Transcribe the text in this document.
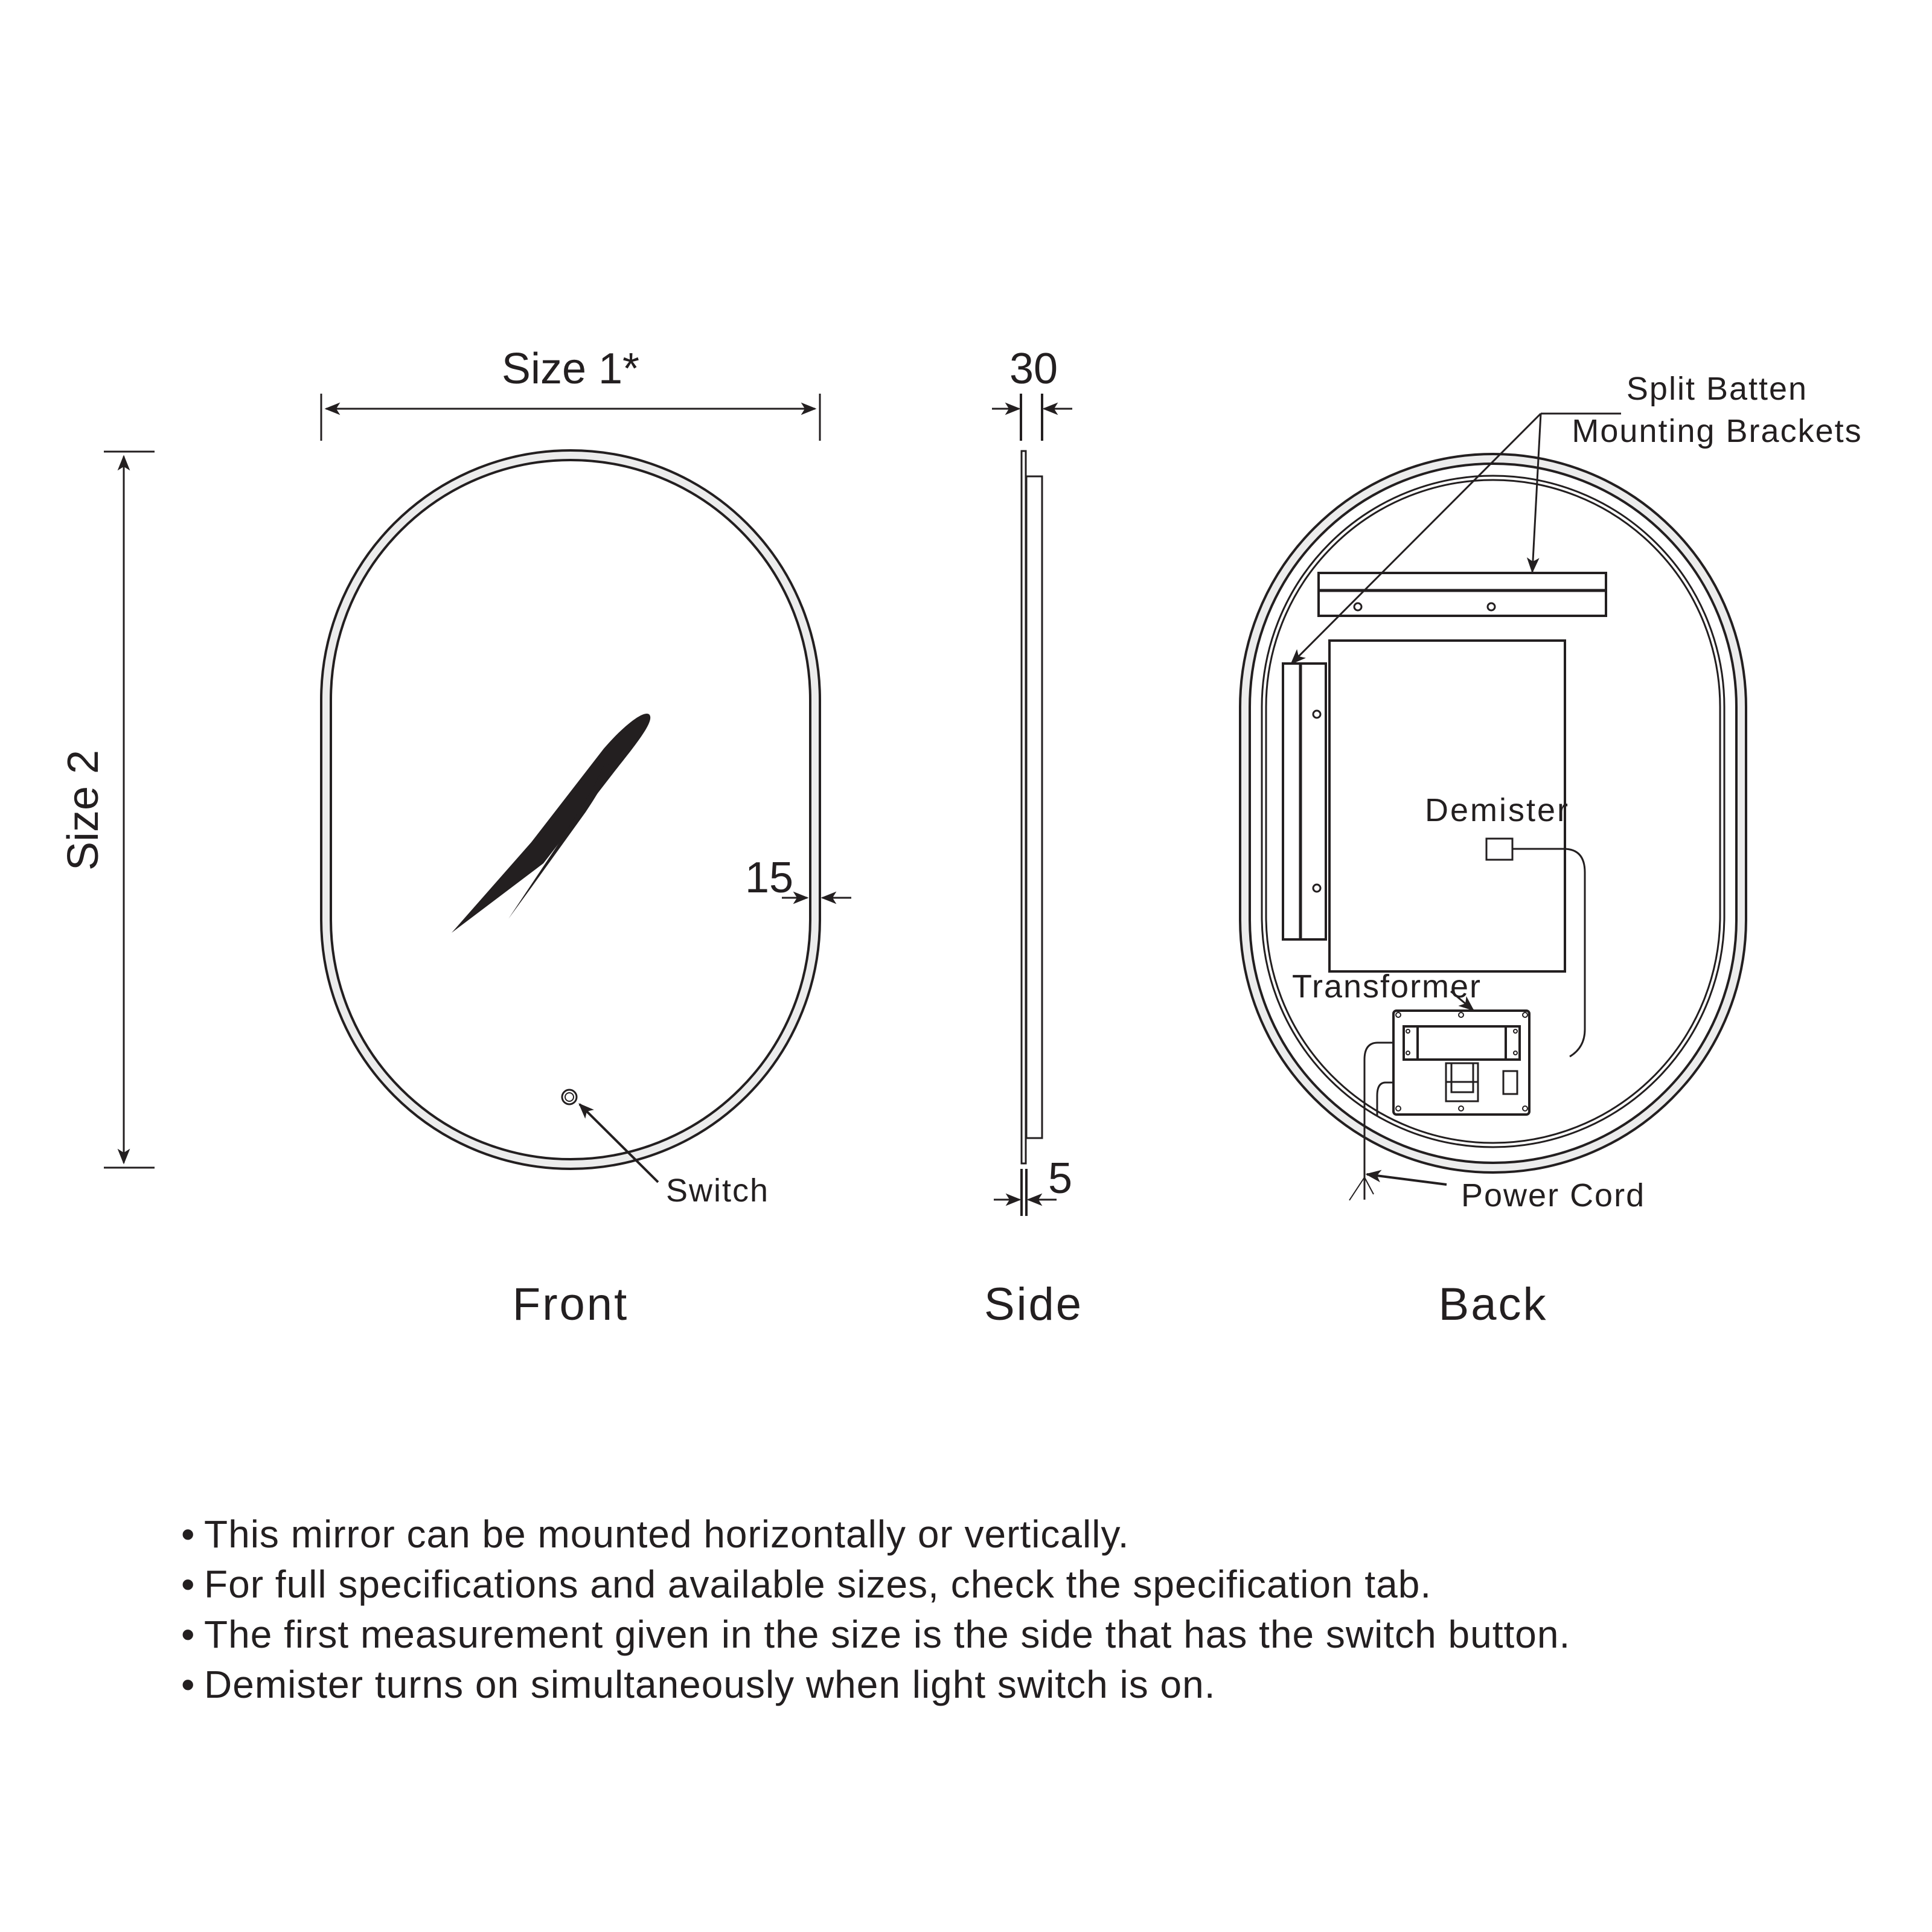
Size 1*
Size 2
15
Switch
Front
30
5
Side
Demister
Transformer
Power Cord
Split Batten
Mounting Brackets
Back
• This mirror can be mounted horizontally or vertically.
• For full specifications and available sizes, check the specification tab.
• The first measurement given in the size is the side that has the switch button.
• Demister turns on simultaneously when light switch is on.
